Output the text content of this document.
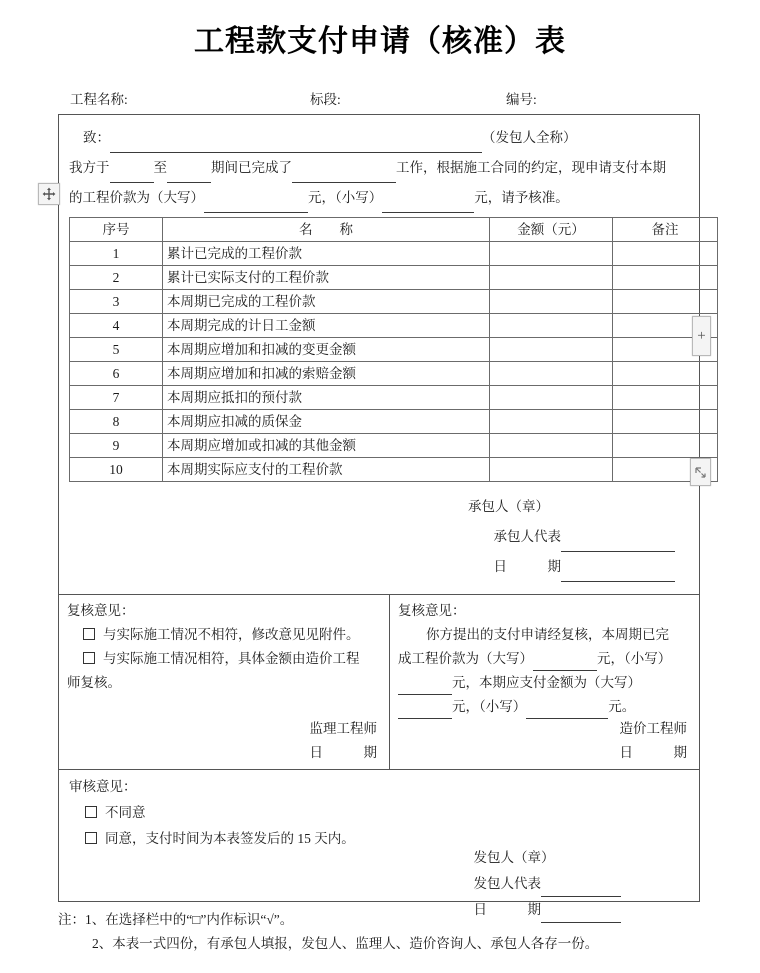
工程款支付申请（核准）表
工程名称:	标段:	编号:
致：	（发包人全称）
我方于	至	期间已完成了	工作，根据施工合同的约定，现申请支付本期
的工程价款为（大写）	元，（小写）	元，请予核准。
序号	名　　称	金额（元）	备注
1	累计已完成的工程价款		
2	累计已实际支付的工程价款		
3	本周期已完成的工程价款		
4	本周期完成的计日工金额		
5	本周期应增加和扣减的变更金额		
6	本周期应增加和扣减的索赔金额		
7	本周期应抵扣的预付款		
8	本周期应扣减的质保金		
9	本周期应增加或扣减的其他金额		
10	本周期实际应支付的工程价款		
承包人（章）
承包人代表
日　　　期
复核意见：
与实际施工情况不相符，修改意见见附件。
与实际施工情况相符，具体金额由造价工程
师复核。
监理工程师
日　　　期
复核意见：
你方提出的支付申请经复核，本周期已完
成工程价款为（大写）	元，（小写）
元，本期应支付金额为（大写）
元，（小写）	元。
造价工程师
日　　　期
审核意见：
不同意
同意，支付时间为本表签发后的 15 天内。
发包人（章）
发包人代表
日　　　期
注：1、在选择栏中的“□”内作标识“√”。
2、本表一式四份，有承包人填报，发包人、监理人、造价咨询人、承包人各存一份。
+
